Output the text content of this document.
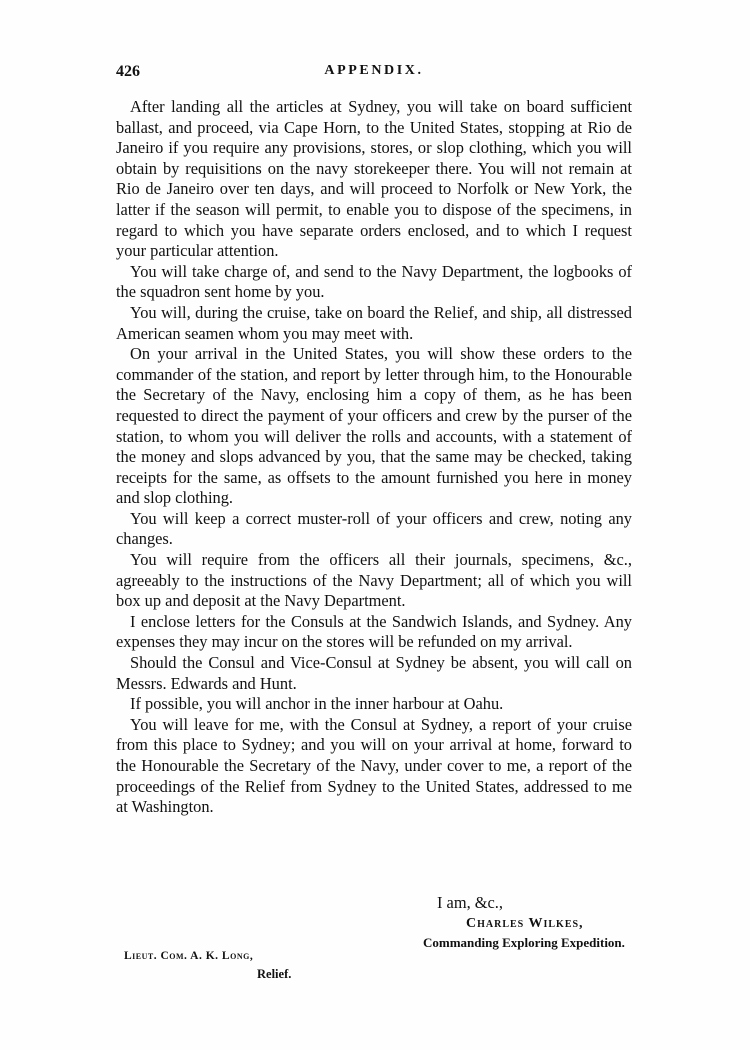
426	APPENDIX.

After landing all the articles at Sydney, you will take on board sufficient ballast, and proceed, via Cape Horn, to the United States, stopping at Rio de Janeiro if you require any provisions, stores, or slop clothing, which you will obtain by requisitions on the navy storekeeper there. You will not remain at Rio de Janeiro over ten days, and will proceed to Norfolk or New York, the latter if the season will permit, to enable you to dispose of the specimens, in regard to which you have separate orders enclosed, and to which I request your particular attention.

You will take charge of, and send to the Navy Department, the logbooks of the squadron sent home by you.

You will, during the cruise, take on board the Relief, and ship, all distressed American seamen whom you may meet with.

On your arrival in the United States, you will show these orders to the commander of the station, and report by letter through him, to the Honourable the Secretary of the Navy, enclosing him a copy of them, as he has been requested to direct the payment of your officers and crew by the purser of the station, to whom you will deliver the rolls and accounts, with a statement of the money and slops advanced by you, that the same may be checked, taking receipts for the same, as offsets to the amount furnished you here in money and slop clothing.

You will keep a correct muster-roll of your officers and crew, noting any changes.

You will require from the officers all their journals, specimens, &c., agreeably to the instructions of the Navy Department; all of which you will box up and deposit at the Navy Department.

I enclose letters for the Consuls at the Sandwich Islands, and Sydney. Any expenses they may incur on the stores will be refunded on my arrival.

Should the Consul and Vice-Consul at Sydney be absent, you will call on Messrs. Edwards and Hunt.

If possible, you will anchor in the inner harbour at Oahu.

You will leave for me, with the Consul at Sydney, a report of your cruise from this place to Sydney; and you will on your arrival at home, forward to the Honourable the Secretary of the Navy, under cover to me, a report of the proceedings of the Relief from Sydney to the United States, addressed to me at Washington.

I am, &c.,
Charles Wilkes,
Commanding Exploring Expedition.
Lieut. Com. A. K. Long,
Relief.
